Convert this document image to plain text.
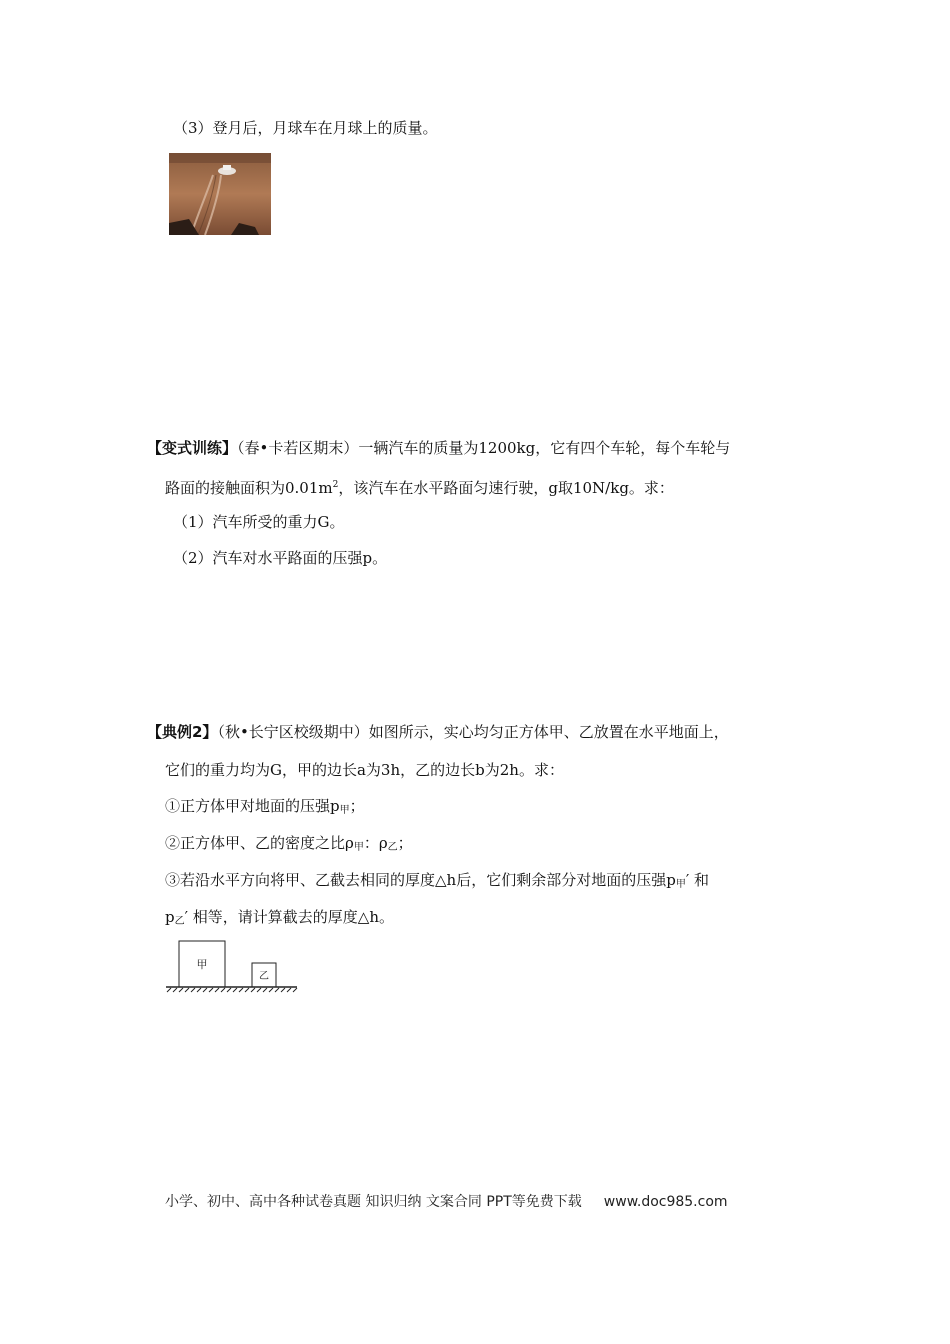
（3）登月后，月球车在月球上的质量。
【变式训练】（春•卡若区期末）一辆汽车的质量为1200kg，它有四个车轮，每个车轮与
路面的接触面积为$0.01m^2$，该汽车在水平路面匀速行驶，g取10N/kg。求：
（1）汽车所受的重力G。
（2）汽车对水平路面的压强p。
【典例2】（秋•长宁区校级期中）如图所示，实心均匀正方体甲、乙放置在水平地面上，
它们的重力均为G，甲的边长a为3h，乙的边长b为2h。求：
①正方体甲对地面的压强$p_甲$；
②正方体甲、乙的密度之比$\rho_甲$：$\rho_乙$；
③若沿水平方向将甲、乙截去相同的厚度△h后，它们剩余部分对地面的压强$p_甲'$ 和
$p_乙'$ 相等，请计算截去的厚度△h。
甲
乙
小学、初中、高中各种试卷真题 知识归纳 文案合同 PPT等免费下载 www.doc985.com
